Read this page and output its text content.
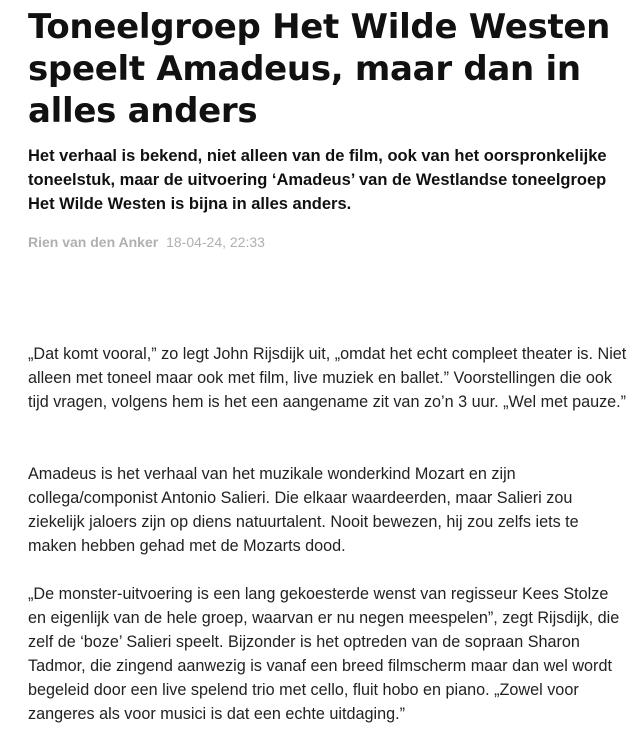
Toneelgroep Het Wilde Westen speelt Amadeus, maar dan in alles anders

Het verhaal is bekend, niet alleen van de film, ook van het oorspronkelijke toneelstuk, maar de uitvoering ‘Amadeus’ van de Westlandse toneelgroep Het Wilde Westen is bijna in alles anders.

Rien van den Anker 18-04-24, 22:33

„Dat komt vooral,” zo legt John Rijsdijk uit, „omdat het echt compleet theater is. Niet alleen met toneel maar ook met film, live muziek en ballet.” Voorstellingen die ook tijd vragen, volgens hem is het een aangename zit van zo’n 3 uur. „Wel met pauze.”

Amadeus is het verhaal van het muzikale wonderkind Mozart en zijn collega/componist Antonio Salieri. Die elkaar waardeerden, maar Salieri zou ziekelijk jaloers zijn op diens natuurtalent. Nooit bewezen, hij zou zelfs iets te maken hebben gehad met de Mozarts dood.

„De monster-uitvoering is een lang gekoesterde wenst van regisseur Kees Stolze en eigenlijk van de hele groep, waarvan er nu negen meespelen”, zegt Rijsdijk, die zelf de ‘boze’ Salieri speelt. Bijzonder is het optreden van de sopraan Sharon Tadmor, die zingend aanwezig is vanaf een breed filmscherm maar dan wel wordt begeleid door een live spelend trio met cello, fluit hobo en piano. „Zowel voor zangeres als voor musici is dat een echte uitdaging.”
